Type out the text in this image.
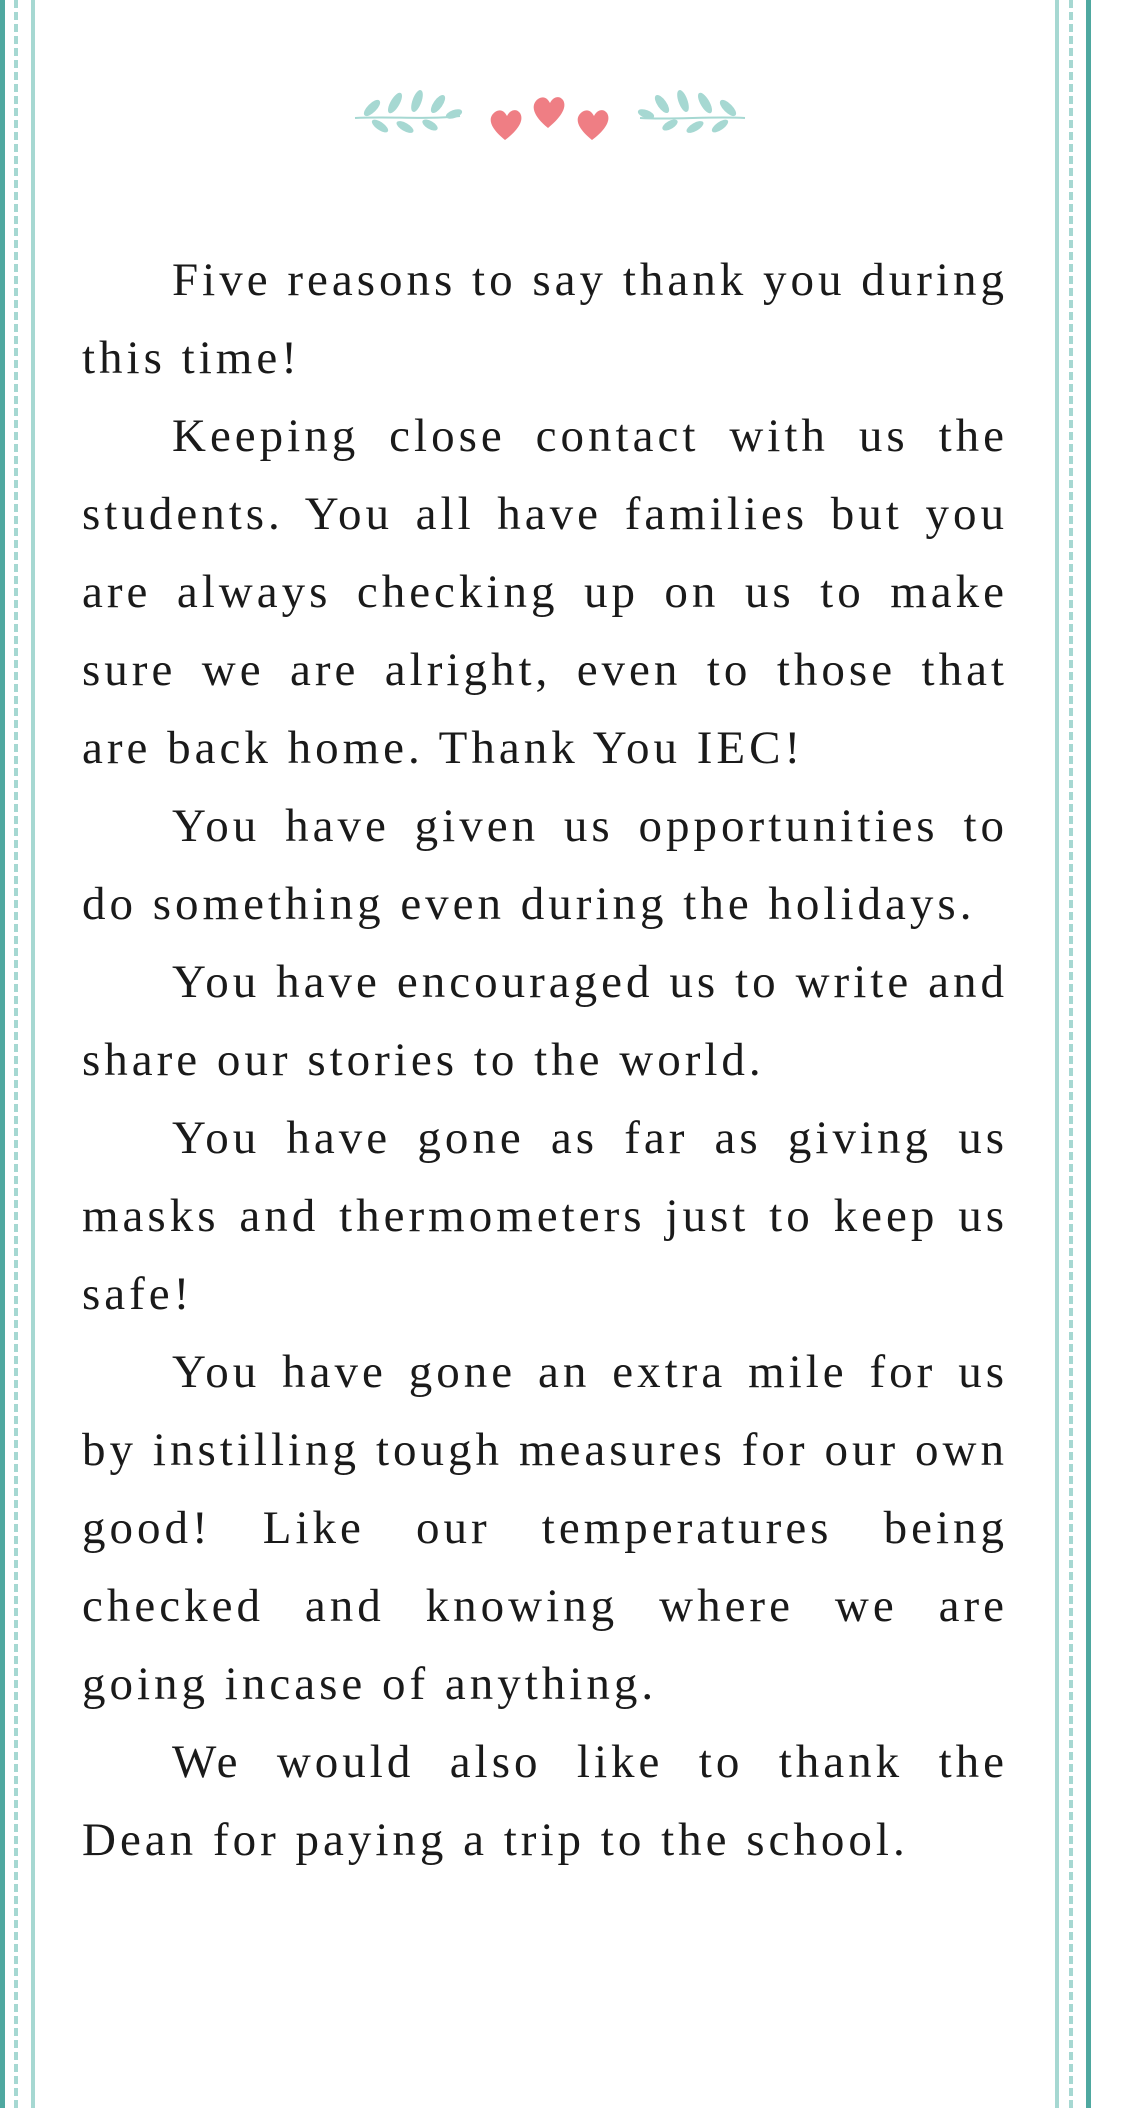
Five reasons to say thank you during this time!

Keeping close contact with us the students. You all have families but you are always checking up on us to make sure we are alright, even to those that are back home. Thank You IEC!

You have given us opportunities to do something even during the holidays.

You have encouraged us to write and share our stories to the world.

You have gone as far as giving us masks and thermometers just to keep us safe!

You have gone an extra mile for us by instilling tough measures for our own good! Like our temperatures being checked and knowing where we are going incase of anything.

We would also like to thank the Dean for paying a trip to the school.
